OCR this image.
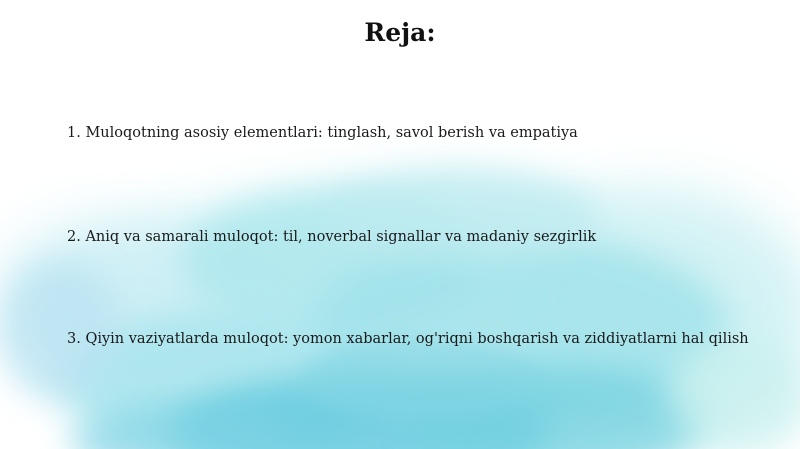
Reja:

1. Muloqotning asosiy elementlari: tinglash, savol berish va empatiya

2. Aniq va samarali muloqot: til, noverbal signallar va madaniy sezgirlik

3. Qiyin vaziyatlarda muloqot: yomon xabarlar, og'riqni boshqarish va ziddiyatlarni hal qilish
